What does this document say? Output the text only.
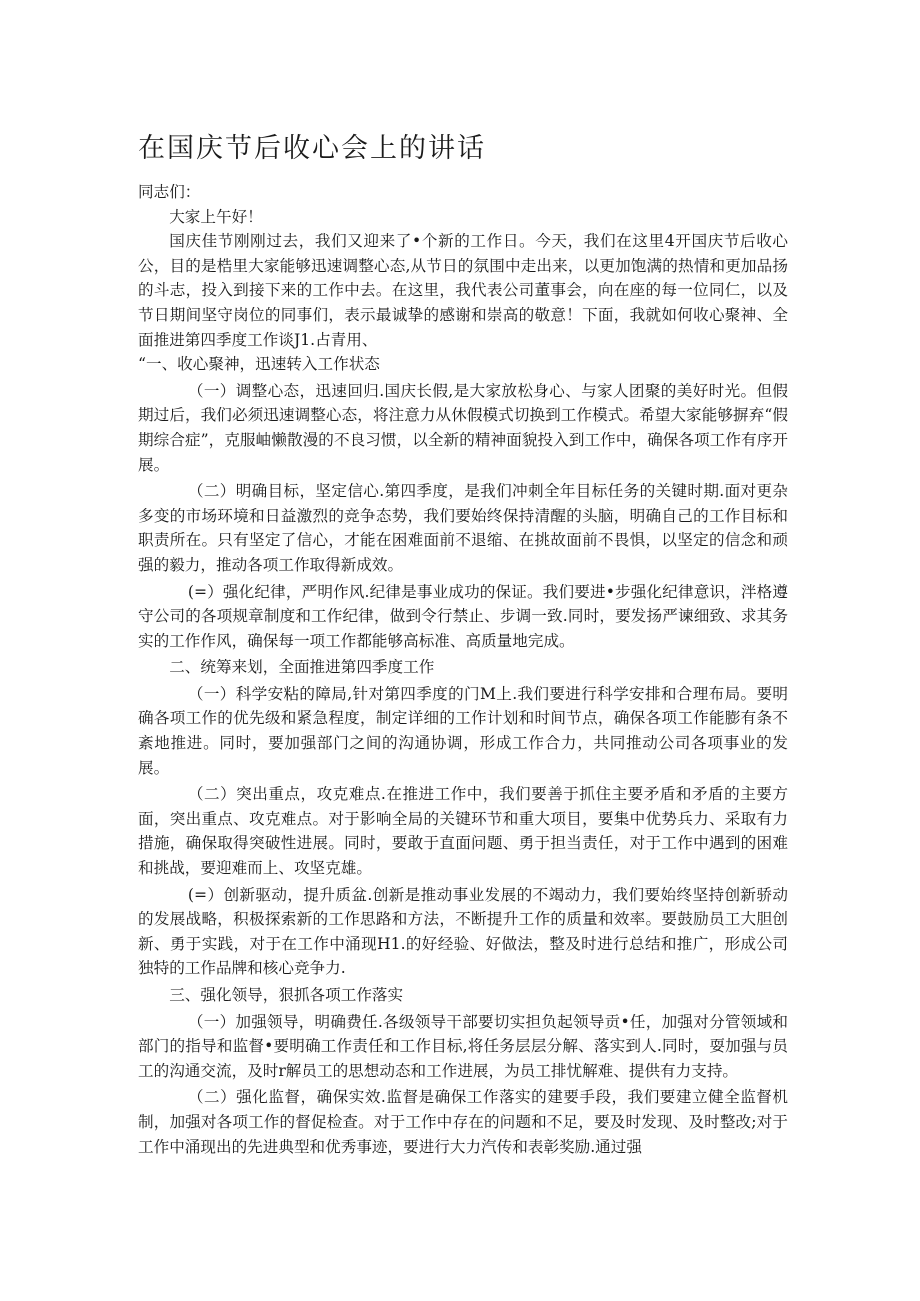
在国庆节后收心会上的讲话

同志们：

大家上午好！

国庆佳节刚刚过去，我们又迎来了•个新的工作日。今天，我们在这里4开国庆节后收心公，目的是梏里大家能够迅速调整心态,从节日的氛围中走出来，以更加饱满的热情和更加品扬的斗志，投入到接下来的工作中去。在这里，我代表公司董事会，向在座的每一位同仁，以及节日期间坚守岗位的同事们，表示最诚挚的感谢和崇高的敬意！下面，我就如何收心聚神、全面推进第四季度工作谈J1.占青用、

“一、收心聚神，迅速转入工作状态

（一）调整心态，迅速回归.国庆长假,是大家放松身心、与家人团聚的美好时光。但假期过后，我们必须迅速调整心态，将注意力从休假模式切换到工作模式。希望大家能够摒弃“假期综合症”，克服岫懒散漫的不良习惯，以全新的精神面貌投入到工作中，确保各项工作有序开展。

（二）明确目标，坚定信心.第四季度，是我们冲刺全年目标任务的关键时期.面对更杂多变的市场环境和日益激烈的竞争态势，我们要始终保持清醒的头脑，明确自己的工作目标和职责所在。只有坚定了信心，才能在困难面前不退缩、在挑故面前不畏惧，以坚定的信念和顽强的毅力，推动各项工作取得新成效。

(=）强化纪律，严明作风.纪律是事业成功的保证。我们要进•步强化纪律意识，泮格遵守公司的各项规章制度和工作纪律，做到令行禁止、步调一致.同时，要发扬严谏细致、求其务实的工作作风，确保每一项工作都能够高标准、高质量地完成。

二、统筹来划，全面推进第四季度工作

（一）科学安粘的障局,针对第四季度的门M上.我们要进行科学安排和合理布局。要明确各项工作的优先级和紧急程度，制定详细的工作计划和时间节点，确保各项工作能膨有条不紊地推进。同时，要加强部门之间的沟通协调，形成工作合力，共同推动公司各项事业的发展。

（二）突出重点，攻克难点.在推进工作中，我们要善于抓住主要矛盾和矛盾的主要方面，突出重点、攻克难点。对于影响全局的关键环节和重大项目，要集中优势兵力、采取有力措施，确保取得突破性进展。同时，要敢于直面问题、勇于担当责任，对于工作中遇到的困难和挑战，要迎难而上、攻坚克雄。

(=）创新驱动，提升质盆.创新是推动事业发展的不竭动力，我们要始终坚持创新骄动的发展战略，积极探索新的工作思路和方法，不断提升工作的质量和效率。要鼓励员工大胆创新、勇于实践，对于在工作中涌现H1.的好经验、好做法，整及时进行总结和推广，形成公司独特的工作品牌和核心竞争力.

三、强化领导，狠抓各项工作落实

（一）加强领导，明确费任.各级领导干部要切实担负起领导贡•任，加强对分管领域和部门的指导和监督•要明确工作责任和工作目标,将任务层层分解、落实到人.同时，耍加强与员工的沟通交流，及时r解员工的思想动态和工作进展，为员工排忧解难、提供有力支持。

（二）强化监督，确保实效.监督是确保工作落实的建要手段，我们要建立健全监督机制，加强对各项工作的督促检查。对于工作中存在的问题和不足，要及时发现、及时整改;对于工作中涌现出的先进典型和优秀事迹，要进行大力汽传和表彰奖励.通过强
